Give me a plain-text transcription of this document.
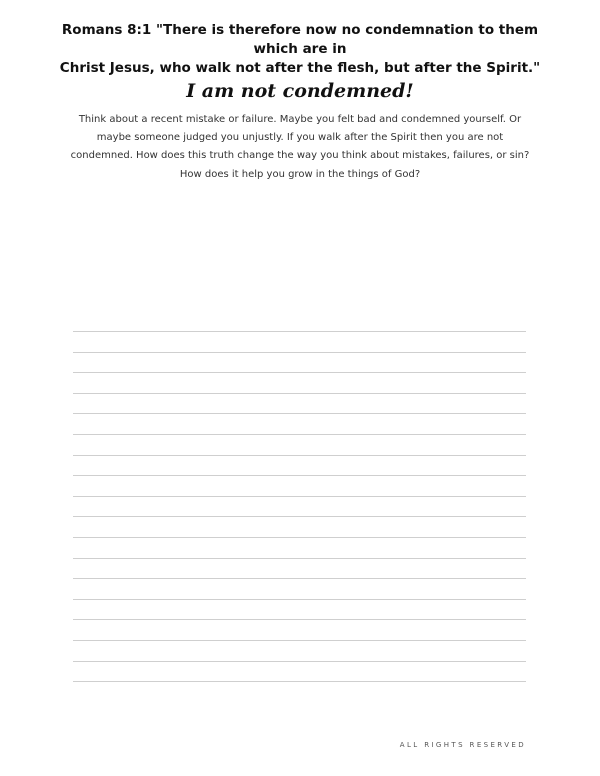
Romans 8:1 "There is therefore now no condemnation to them which are in
Christ Jesus, who walk not after the flesh, but after the Spirit."
I am not condemned!
Think about a recent mistake or failure. Maybe you felt bad and condemned yourself. Or
maybe someone judged you unjustly. If you walk after the Spirit then you are not
condemned. How does this truth change the way you think about mistakes, failures, or sin?
How does it help you grow in the things of God?
ALL RIGHTS RESERVED
